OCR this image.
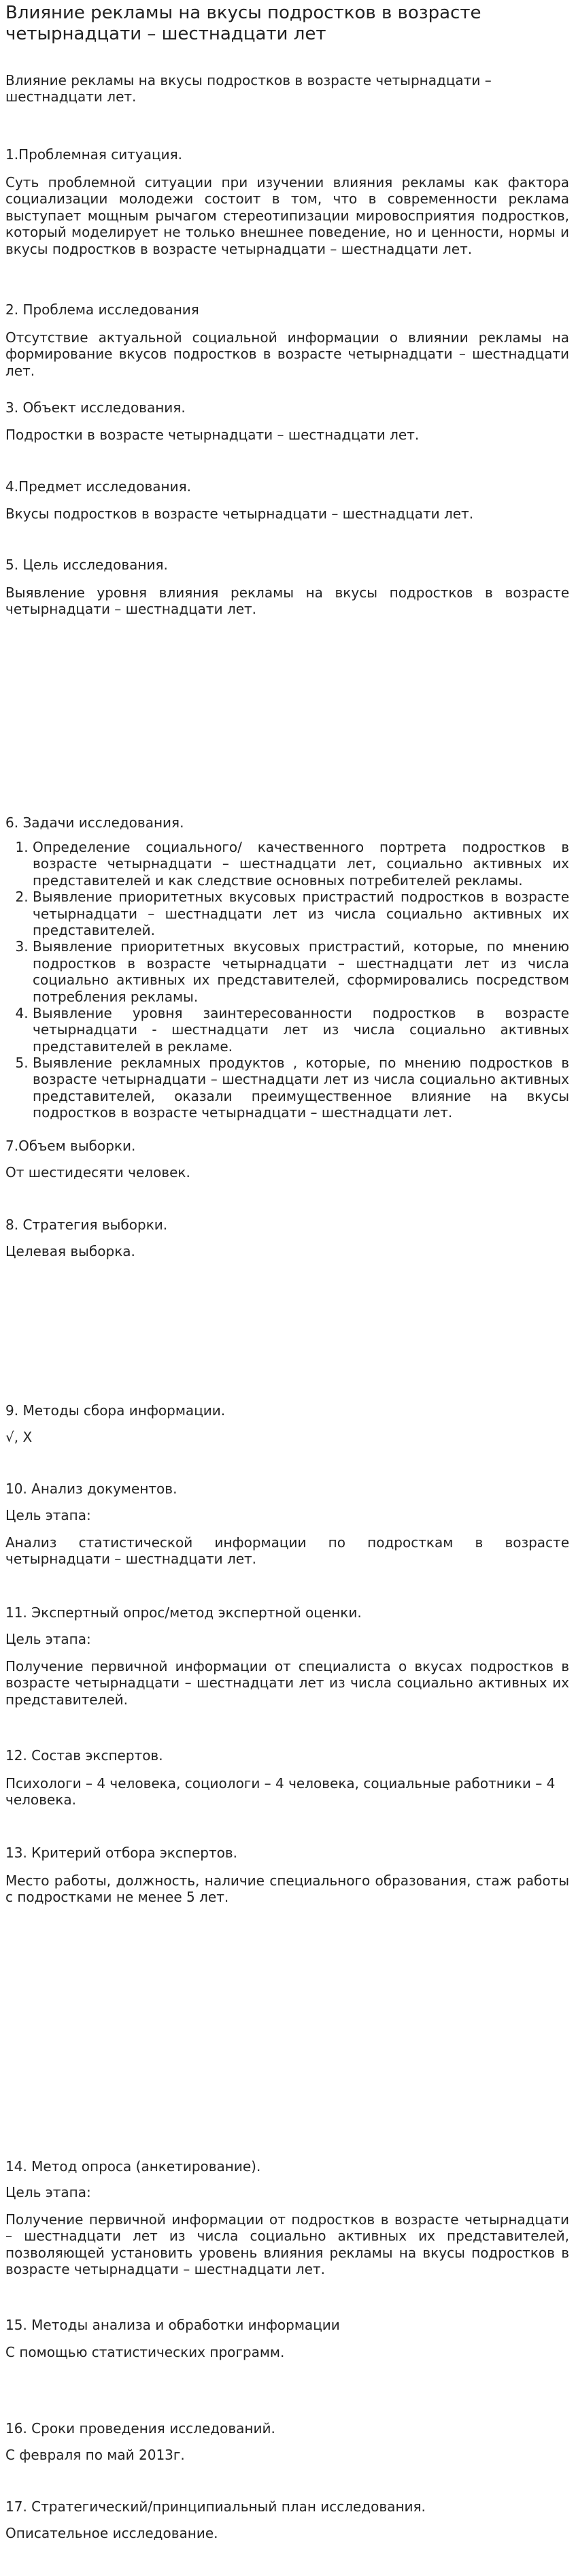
Влияние рекламы на вкусы подростков в возрасте четырнадцати – шестнадцати лет

Влияние рекламы на вкусы подростков в возрасте четырнадцати – шестнадцати лет.

1.Проблемная ситуация.

Суть проблемной ситуации при изучении влияния рекламы как фактора социализации молодежи состоит в том, что в современности реклама выступает мощным рычагом стереотипизации мировосприятия подростков, который моделирует не только внешнее поведение, но и ценности, нормы и вкусы подростков в возрасте четырнадцати – шестнадцати лет.

2. Проблема исследования

Отсутствие актуальной социальной информации о влиянии рекламы на формирование вкусов подростков в возрасте четырнадцати – шестнадцати лет.

3. Объект исследования.

Подростки в возрасте четырнадцати – шестнадцати лет.

4.Предмет исследования.

Вкусы подростков в возрасте четырнадцати – шестнадцати лет.

5. Цель исследования.

Выявление уровня влияния рекламы на вкусы подростков в возрасте четырнадцати – шестнадцати лет.

6. Задачи исследования.

1. Определение социального/ качественного портрета подростков в возрасте четырнадцати – шестнадцати лет, социально активных их представителей и как следствие основных потребителей рекламы.
2. Выявление приоритетных вкусовых пристрастий подростков в возрасте четырнадцати – шестнадцати лет из числа социально активных их представителей.
3. Выявление приоритетных вкусовых пристрастий, которые, по мнению подростков в возрасте четырнадцати – шестнадцати лет из числа социально активных их представителей, сформировались посредством потребления рекламы.
4. Выявление уровня заинтересованности подростков в возрасте четырнадцати - шестнадцати лет из числа социально активных представителей в рекламе.
5. Выявление рекламных продуктов , которые, по мнению подростков в возрасте четырнадцати – шестнадцати лет из числа социально активных представителей, оказали преимущественное влияние на вкусы подростков в возрасте четырнадцати – шестнадцати лет.

7.Объем выборки.

От шестидесяти человек.

8. Стратегия выборки.

Целевая выборка.

9. Методы сбора информации.

√, X

10. Анализ документов.

Цель этапа:

Анализ статистической информации по подросткам в возрасте четырнадцати – шестнадцати лет.

11. Экспертный опрос/метод экспертной оценки.

Цель этапа:

Получение первичной информации от специалиста о вкусах подростков в возрасте четырнадцати – шестнадцати лет из числа социально активных их представителей.

12. Состав экспертов.

Психологи – 4 человека, социологи – 4 человека, социальные работники – 4 человека.

13. Критерий отбора экспертов.

Место работы, должность, наличие специального образования, стаж работы с подростками не менее 5 лет.

14. Метод опроса (анкетирование).

Цель этапа:

Получение первичной информации от подростков в возрасте четырнадцати – шестнадцати лет из числа социально активных их представителей, позволяющей установить уровень влияния рекламы на вкусы подростков в возрасте четырнадцати – шестнадцати лет.

15. Методы анализа и обработки информации

С помощью статистических программ.

16. Сроки проведения исследований.

С февраля по май 2013г.

17. Стратегический/принципиальный план исследования.

Описательное исследование.
